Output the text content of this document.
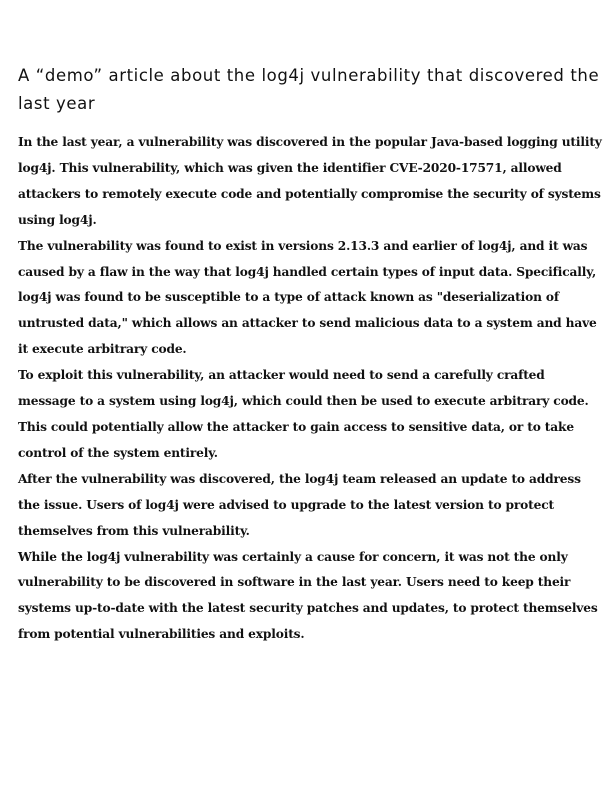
A “demo” article about the log4j vulnerability that discovered the last year

In the last year, a vulnerability was discovered in the popular Java-based logging utility log4j. This vulnerability, which was given the identifier CVE-2020-17571, allowed attackers to remotely execute code and potentially compromise the security of systems using log4j.

The vulnerability was found to exist in versions 2.13.3 and earlier of log4j, and it was caused by a flaw in the way that log4j handled certain types of input data. Specifically, log4j was found to be susceptible to a type of attack known as "deserialization of untrusted data," which allows an attacker to send malicious data to a system and have it execute arbitrary code.

To exploit this vulnerability, an attacker would need to send a carefully crafted message to a system using log4j, which could then be used to execute arbitrary code. This could potentially allow the attacker to gain access to sensitive data, or to take control of the system entirely.

After the vulnerability was discovered, the log4j team released an update to address the issue. Users of log4j were advised to upgrade to the latest version to protect themselves from this vulnerability.

While the log4j vulnerability was certainly a cause for concern, it was not the only vulnerability to be discovered in software in the last year. Users need to keep their systems up-to-date with the latest security patches and updates, to protect themselves from potential vulnerabilities and exploits.
